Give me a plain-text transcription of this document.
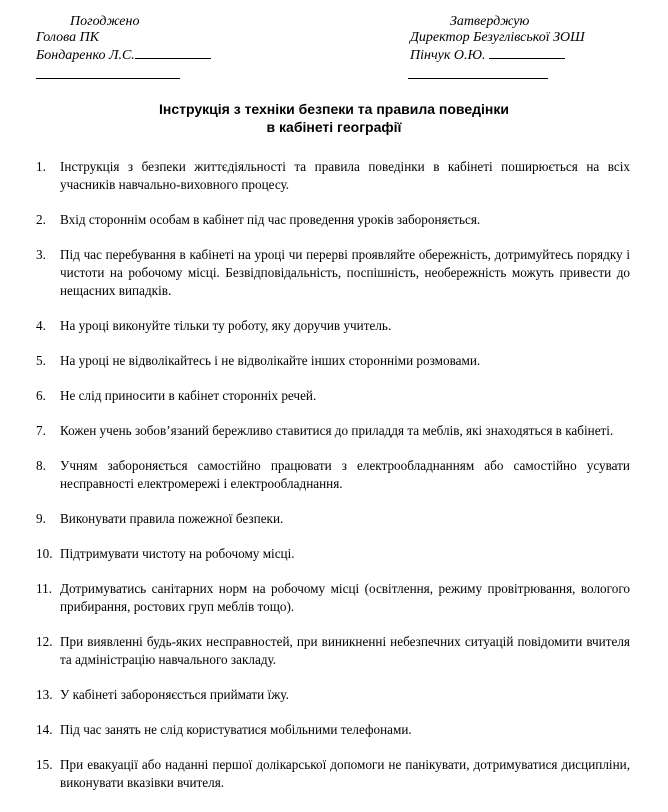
Погоджено
Голова ПК
Бондаренко Л.С.
Затверджую
Директор Безуглівської ЗОШ
Пінчук О.Ю.
Інструкція з техніки безпеки та правила поведінки
в кабінеті географії
1.	Інструкція з безпеки життєдіяльності та правила поведінки в кабінеті поширюється на всіх учасників навчально-виховного процесу.
2.	Вхід стороннім особам в кабінет під час проведення уроків забороняється.
3.	Під час перебування в кабінеті на уроці чи перерві проявляйте обережність, дотримуйтесь порядку і чистоти на робочому місці. Безвідповідальність, поспішність, необережність можуть привести до нещасних випадків.
4.	На уроці виконуйте тільки ту роботу, яку доручив учитель.
5.	На уроці не відволікайтесь і не відволікайте інших сторонніми розмовами.
6.	Не слід приносити в кабінет сторонніх речей.
7.	Кожен учень зобов’язаний бережливо ставитися до приладдя та меблів, які знаходяться в кабінеті.
8.	Учням забороняється самостійно працювати з електрообладнанням або самостійно усувати несправності електромережі і електрообладнання.
9.	Виконувати правила пожежної безпеки.
10. Підтримувати чистоту на робочому місці.
11. Дотримуватись санітарних норм на робочому місці (освітлення, режиму провітрювання, вологого прибирання, ростових груп меблів тощо).
12. При виявленні будь-яких несправностей, при виникненні небезпечних ситуацій повідомити вчителя та адміністрацію навчального закладу.
13. У кабінеті забороняєсться приймати їжу.
14. Під час занять не слід користуватися мобільними телефонами.
15. При евакуації або наданні першої долікарської допомоги не панікувати, дотримуватися дисципліни, виконувати вказівки вчителя.
